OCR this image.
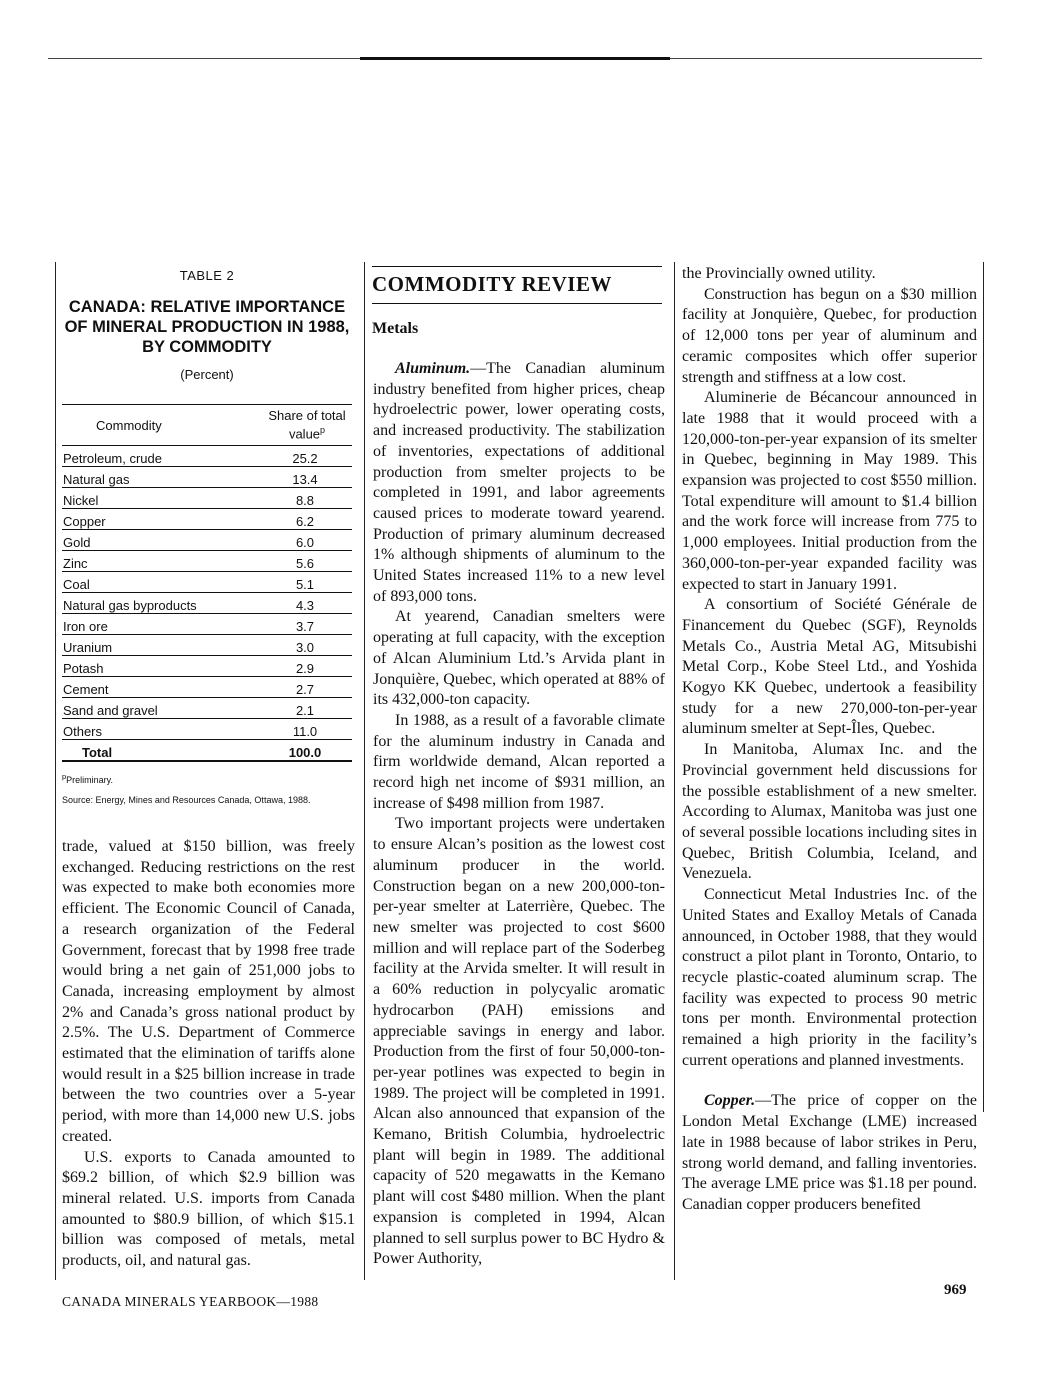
TABLE 2
CANADA: RELATIVE IMPORTANCE OF MINERAL PRODUCTION IN 1988, BY COMMODITY
(Percent)
Commodity
Share of total value$^p$
Petroleum, crude	25.2
Natural gas	13.4
Nickel	8.8
Copper	6.2
Gold	6.0
Zinc	5.6
Coal	5.1
Natural gas byproducts	4.3
Iron ore	3.7
Uranium	3.0
Potash	2.9
Cement	2.7
Sand and gravel	2.1
Others	11.0
Total	100.0
$^p$Preliminary.
Source: Energy, Mines and Resources Canada, Ottawa, 1988.

trade, valued at $150 billion, was freely exchanged. Reducing restrictions on the rest was expected to make both economies more efficient. The Economic Council of Canada, a research organization of the Federal Government, forecast that by 1998 free trade would bring a net gain of 251,000 jobs to Canada, increasing employment by almost 2% and Canada’s gross national product by 2.5%. The U.S. Department of Commerce estimated that the elimination of tariffs alone would result in a $25 billion increase in trade between the two countries over a 5-year period, with more than 14,000 new U.S. jobs created.

U.S. exports to Canada amounted to $69.2 billion, of which $2.9 billion was mineral related. U.S. imports from Canada amounted to $80.9 billion, of which $15.1 billion was composed of metals, metal products, oil, and natural gas.

COMMODITY REVIEW
Metals

Aluminum.—The Canadian aluminum industry benefited from higher prices, cheap hydroelectric power, lower operating costs, and increased productivity. The stabilization of inventories, expectations of additional production from smelter projects to be completed in 1991, and labor agreements caused prices to moderate toward yearend. Production of primary aluminum decreased 1% although shipments of aluminum to the United States increased 11% to a new level of 893,000 tons.

At yearend, Canadian smelters were operating at full capacity, with the exception of Alcan Aluminium Ltd.’s Arvida plant in Jonquière, Quebec, which operated at 88% of its 432,000-ton capacity.

In 1988, as a result of a favorable climate for the aluminum industry in Canada and firm worldwide demand, Alcan reported a record high net income of $931 million, an increase of $498 million from 1987.

Two important projects were undertaken to ensure Alcan’s position as the lowest cost aluminum producer in the world. Construction began on a new 200,000-ton-per-year smelter at Laterrière, Quebec. The new smelter was projected to cost $600 million and will replace part of the Soderbeg facility at the Arvida smelter. It will result in a 60% reduction in polycyalic aromatic hydrocarbon (PAH) emissions and appreciable savings in energy and labor. Production from the first of four 50,000-ton-per-year potlines was expected to begin in 1989. The project will be completed in 1991. Alcan also announced that expansion of the Kemano, British Columbia, hydroelectric plant will begin in 1989. The additional capacity of 520 megawatts in the Kemano plant will cost $480 million. When the plant expansion is completed in 1994, Alcan planned to sell surplus power to BC Hydro & Power Authority,

the Provincially owned utility.

Construction has begun on a $30 million facility at Jonquière, Quebec, for production of 12,000 tons per year of aluminum and ceramic composites which offer superior strength and stiffness at a low cost.

Aluminerie de Bécancour announced in late 1988 that it would proceed with a 120,000-ton-per-year expansion of its smelter in Quebec, beginning in May 1989. This expansion was projected to cost $550 million. Total expenditure will amount to $1.4 billion and the work force will increase from 775 to 1,000 employees. Initial production from the 360,000-ton-per-year expanded facility was expected to start in January 1991.

A consortium of Société Générale de Financement du Quebec (SGF), Reynolds Metals Co., Austria Metal AG, Mitsubishi Metal Corp., Kobe Steel Ltd., and Yoshida Kogyo KK Quebec, undertook a feasibility study for a new 270,000-ton-per-year aluminum smelter at Sept-Îles, Quebec.

In Manitoba, Alumax Inc. and the Provincial government held discussions for the possible establishment of a new smelter. According to Alumax, Manitoba was just one of several possible locations including sites in Quebec, British Columbia, Iceland, and Venezuela.

Connecticut Metal Industries Inc. of the United States and Exalloy Metals of Canada announced, in October 1988, that they would construct a pilot plant in Toronto, Ontario, to recycle plastic-coated aluminum scrap. The facility was expected to process 90 metric tons per month. Environmental protection remained a high priority in the facility’s current operations and planned investments.

Copper.—The price of copper on the London Metal Exchange (LME) increased late in 1988 because of labor strikes in Peru, strong world demand, and falling inventories. The average LME price was $1.18 per pound. Canadian copper producers benefited

CANADA MINERALS YEARBOOK—1988
969
